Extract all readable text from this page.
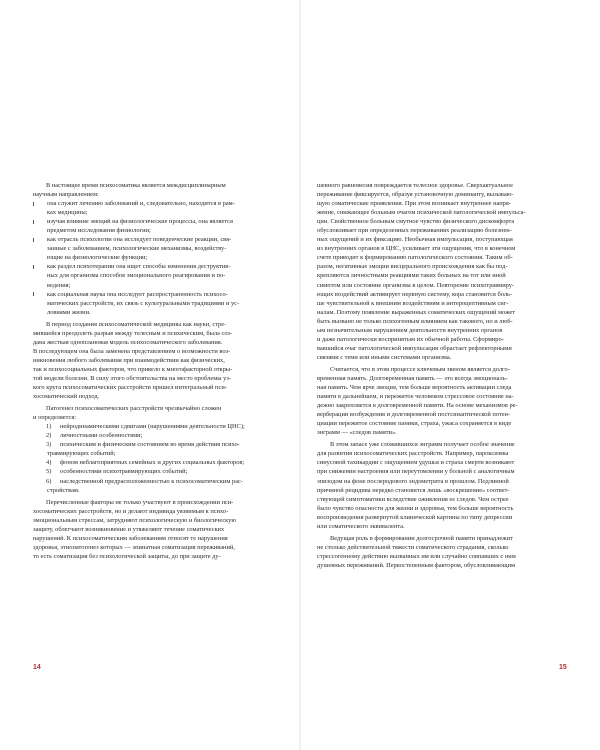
В настоящее время психосоматика является междисциплинарным
научным направлением:
она служит лечению заболеваний и, следовательно, находится в рам-
ках медицины;
изучая влияние эмоций на физиологические процессы, она является
предметом исследования физиологии;
как отрасль психологии она исследует поведенческие реакции, свя-
занные с заболеванием, психологические механизмы, воздейству-
ющие на физиологические функции;
как раздел психотерапии она ищет способы изменения деструктив-
ных для организма способов эмоционального реагирования и по-
ведения;
как социальная наука она исследует распространенность психосо-
матических расстройств, их связь с культуральными традициями и ус-
ловиями жизни.
В период создания психосоматической медицины как науки, стре-
мившейся преодолеть разрыв между телесным и психическим, была соз-
дана жесткая одноплановая модель психосоматического заболевания.
В последующем она была заменена представлением о возможности воз-
никновения любого заболевания при взаимодействии как физических,
так и психосоциальных факторов, что привело к многофакторной откры-
той модели болезни. В силу этого обстоятельства на место проблемы уз-
кого круга психосоматических расстройств пришел интегральный пси-
хосоматический подход.
Патогенез психосоматических расстройств чрезвычайно сложен
и определяется:
1) нейродинамическими сдвигами (нарушениями деятельности ЦНС);
2) личностными особенностями;
3) психическим и физическим состоянием во время действия психо-
травмирующих событий;
4) фоном неблагоприятных семейных и других социальных факторов;
5) особенностями психотравмирующих событий;
6) наследственной предрасположенностью к психосоматическим рас-
стройствам.
Перечисленные факторы не только участвуют в происхождении пси-
хосоматических расстройств, но и делают индивида уязвимым к психо-
эмоциональным стрессам, затрудняют психологическую и биологическую
защиту, облегчают возникновение и утяжеляют течение соматических
нарушений. К психосоматическим заболеваниям относят те нарушения
здоровья, этиопатогенез которых — эпинатная соматизация переживаний,
то есть соматизация без психологической защиты, до при защите ду-
шевного равновесия повреждается телесное здоровье. Сверхактуальное
переживание фиксируется, образуя установочную доминанту, вызываю-
щую соматические проявления. При этом возникает внутреннее напря-
жение, снижающее больным очагом психической патологической импульса-
ции. Свойственное больным смутное чувство физического дискомфорта
обусловливает при определенных переживаниях реализацию болезнен-
ных ощущений и их фиксацию. Необычная импульсация, поступающая
из внутренних органов в ЦНС, усиливает эти ощущения, что в конечном
счете приводит к формированию патологического состояния. Таким об-
разом, негативные эмоции висцерального происхождения как бы под-
крепляются личностными реакциями таких больных на тот или иной
симптом или состояние организма в целом. Повторение психотравмиру-
ющих воздействий активирует нервную систему, кора становится боль-
ше чувствительной к внешним воздействиям и интероцептивным сиг-
налам. Поэтому появление выраженных соматических ощущений может
быть вызвано не только психогенным влиянием как такового, но и люб-
ым незначительным нарушением деятельности внутренних органов
и даже патологически воспринятым их обычной работы. Сформиро-
вавшийся очаг патологической импульсации обрастает рефлекторными
связями с теми или иными системами организма.
Считается, что в этом процессе ключевым звеном является долго-
временная память. Долговременная память — это всегда эмоциональ-
ная память. Чем ярче эмоция, тем больше вероятность активации следа
памяти в дальнейшем, и пережитое человеком стрессовое состояние на-
дежно закрепляется в долговременной памяти. На основе механизмов ре-
верберации возбуждения и долговременной постсинаптической потен-
циации пережитое состояние паники, страха, ужаса сохраняется в виде
энграмм — «следов памяти».
В этом запасе уже сложившихся энграмм получает особое значение
для развития психосоматических расстройств. Например, пароксизмы
синусовой тахикардии с ощущением удушья и страха смерти возникают
при снижении настроения или переутомлении у больной с аналогичным
эпизодом на фоне послеродового эндометрита в прошлом. Подлинной
причиной рецидива нередко становится лишь «воскрешение» соответ-
ствующей симптоматики вследствие оживления ее следов. Чем острее
было чувство опасности для жизни и здоровья, тем больше вероятность
воспроизведения развернутой клинической картины по типу депрессии
или соматического эквивалента.
Ведущая роль в формировании долгосрочной памяти принадлежит
не столько действительной тяжести соматического страдания, сколько
стрессогенному действию вызванных им или случайно совпавших с ним
душевных переживаний. Первостепенным фактором, обусловливающим
14	15
